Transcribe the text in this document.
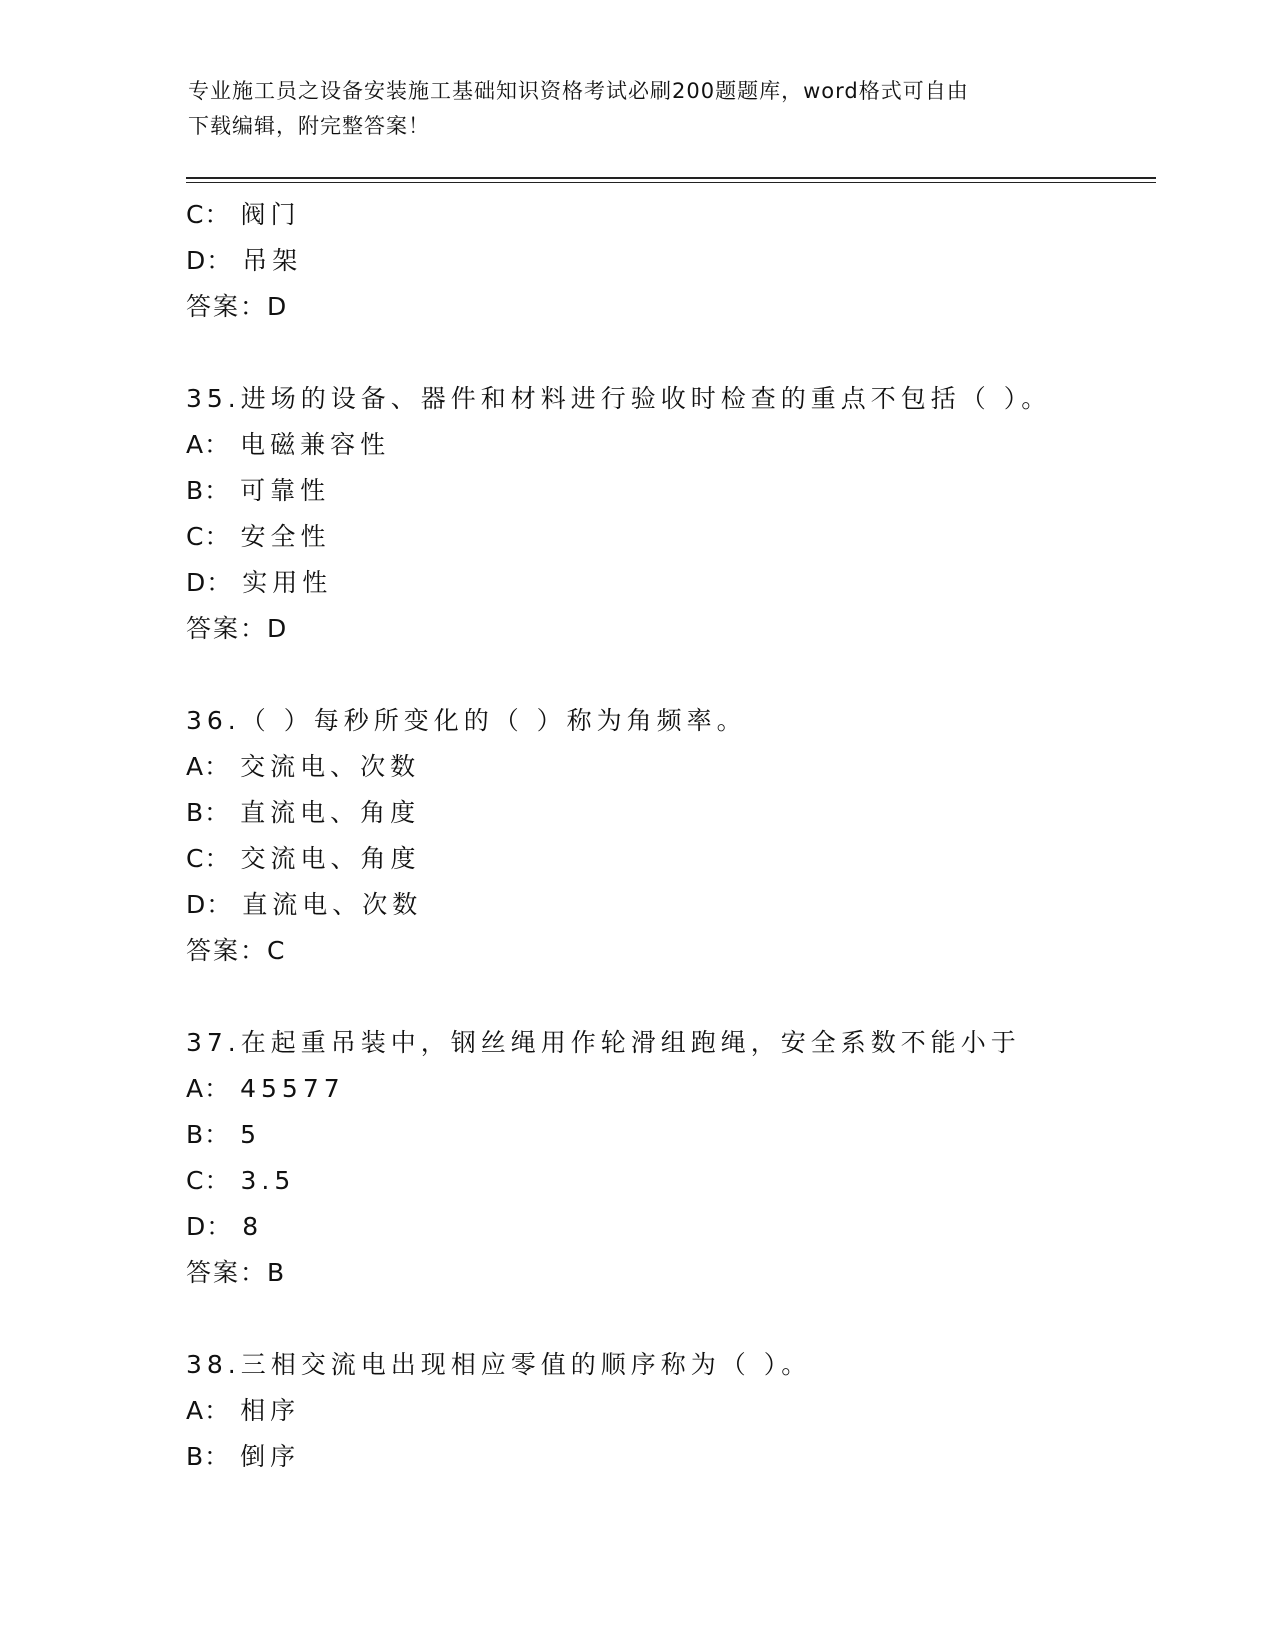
专业施工员之设备安装施工基础知识资格考试必刷200题题库，word格式可自由
下载编辑，附完整答案！
C： 阀门
D： 吊架
答案：D
35.进场的设备、器件和材料进行验收时检查的重点不包括（ ）。
A： 电磁兼容性
B： 可靠性
C： 安全性
D： 实用性
答案：D
36.（ ）每秒所变化的（ ）称为角频率。
A： 交流电、次数
B： 直流电、角度
C： 交流电、角度
D： 直流电、次数
答案：C
37.在起重吊装中，钢丝绳用作轮滑组跑绳，安全系数不能小于
A： 45577
B： 5
C： 3.5
D： 8
答案：B
38.三相交流电出现相应零值的顺序称为（ ）。
A： 相序
B： 倒序
